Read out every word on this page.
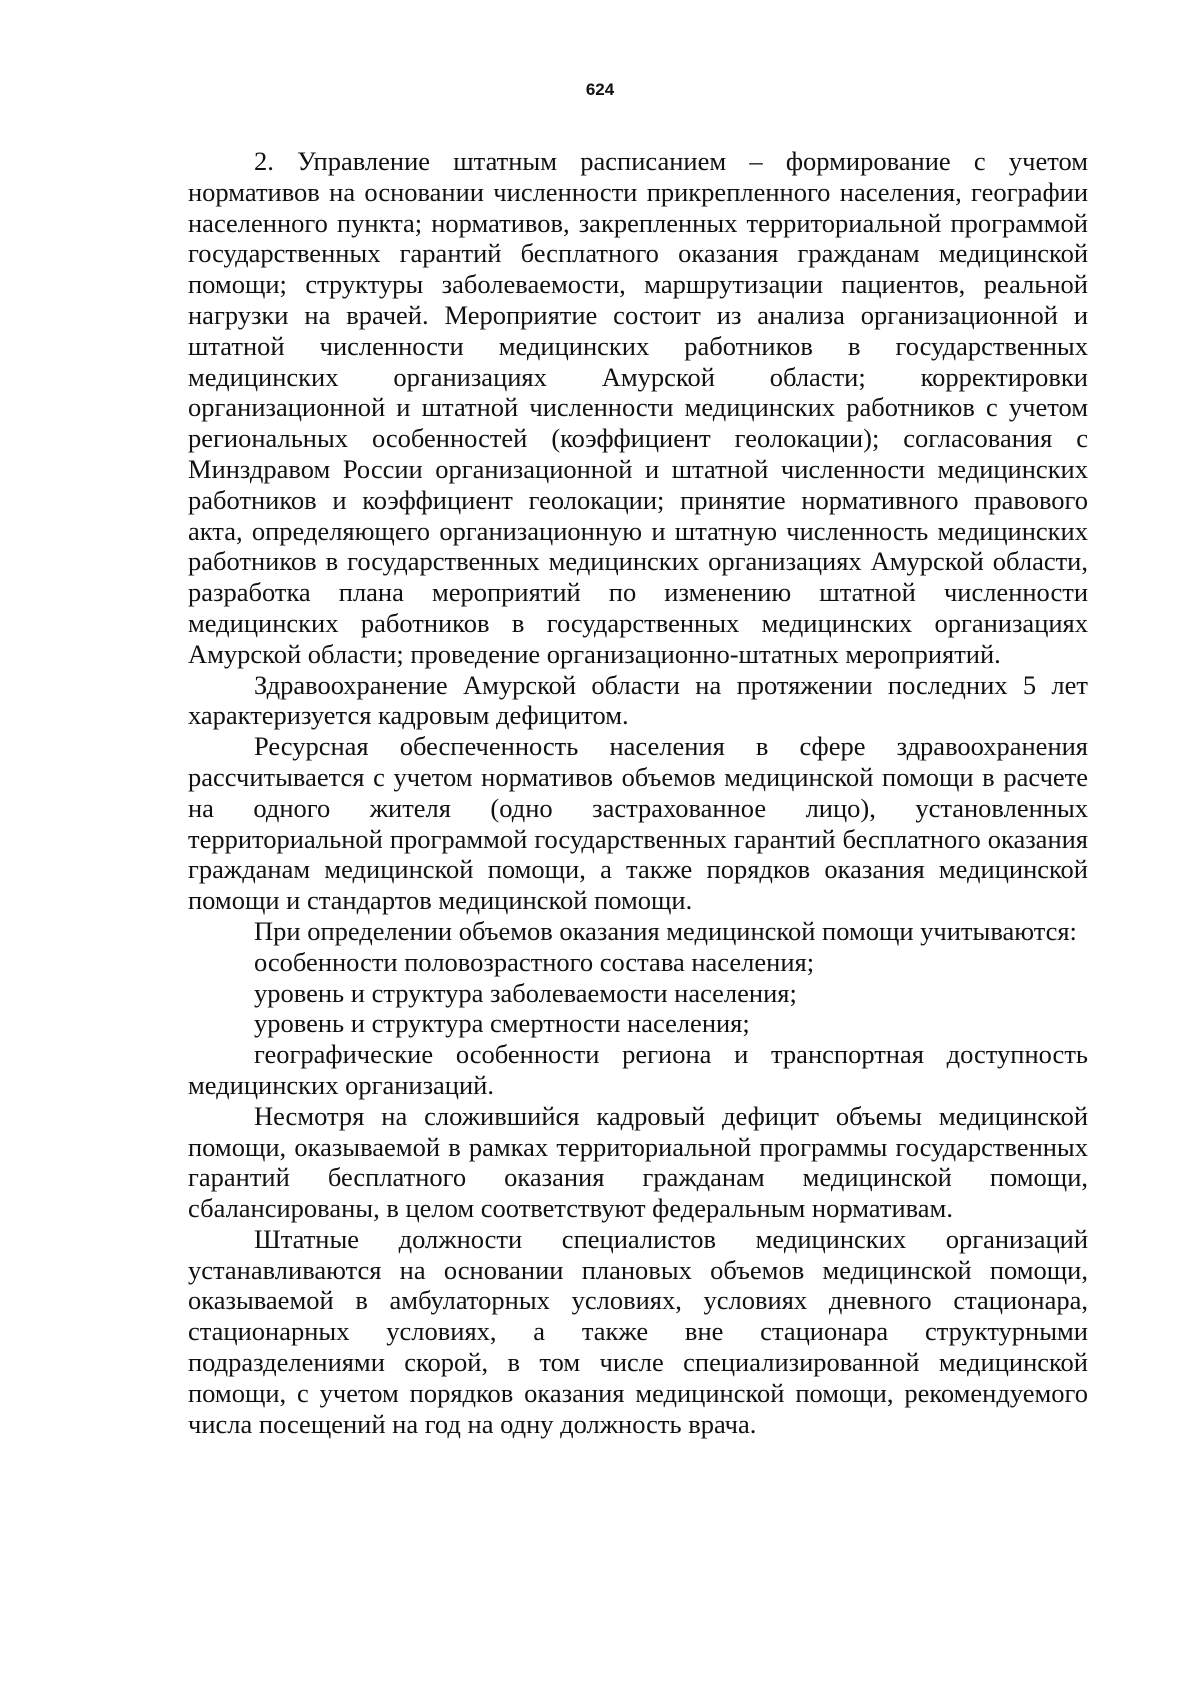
624

2. Управление штатным расписанием – формирование с учетом нормативов на основании численности прикрепленного населения, географии населенного пункта; нормативов, закрепленных территориальной программой государственных гарантий бесплатного оказания гражданам медицинской помощи; структуры заболеваемости, маршрутизации пациентов, реальной нагрузки на врачей. Мероприятие состоит из анализа организационной и штатной численности медицинских работников в государственных медицинских организациях Амурской области; корректировки организационной и штатной численности медицинских работников с учетом региональных особенностей (коэффициент геолокации); согласования с Минздравом России организационной и штатной численности медицинских работников и коэффициент геолокации; принятие нормативного правового акта, определяющего организационную и штатную численность медицинских работников в государственных медицинских организациях Амурской области, разработка плана мероприятий по изменению штатной численности медицинских работников в государственных медицинских организациях Амурской области; проведение организационно-штатных мероприятий.

Здравоохранение Амурской области на протяжении последних 5 лет характеризуется кадровым дефицитом.

Ресурсная обеспеченность населения в сфере здравоохранения рассчитывается с учетом нормативов объемов медицинской помощи в расчете на одного жителя (одно застрахованное лицо), установленных территориальной программой государственных гарантий бесплатного оказания гражданам медицинской помощи, а также порядков оказания медицинской помощи и стандартов медицинской помощи.

При определении объемов оказания медицинской помощи учитываются:

особенности половозрастного состава населения;

уровень и структура заболеваемости населения;

уровень и структура смертности населения;

географические особенности региона и транспортная доступность медицинских организаций.

Несмотря на сложившийся кадровый дефицит объемы медицинской помощи, оказываемой в рамках территориальной программы государственных гарантий бесплатного оказания гражданам медицинской помощи, сбалансированы, в целом соответствуют федеральным нормативам.

Штатные должности специалистов медицинских организаций устанавливаются на основании плановых объемов медицинской помощи, оказываемой в амбулаторных условиях, условиях дневного стационара, стационарных условиях, а также вне стационара структурными подразделениями скорой, в том числе специализированной медицинской помощи, с учетом порядков оказания медицинской помощи, рекомендуемого числа посещений на год на одну должность врача.
